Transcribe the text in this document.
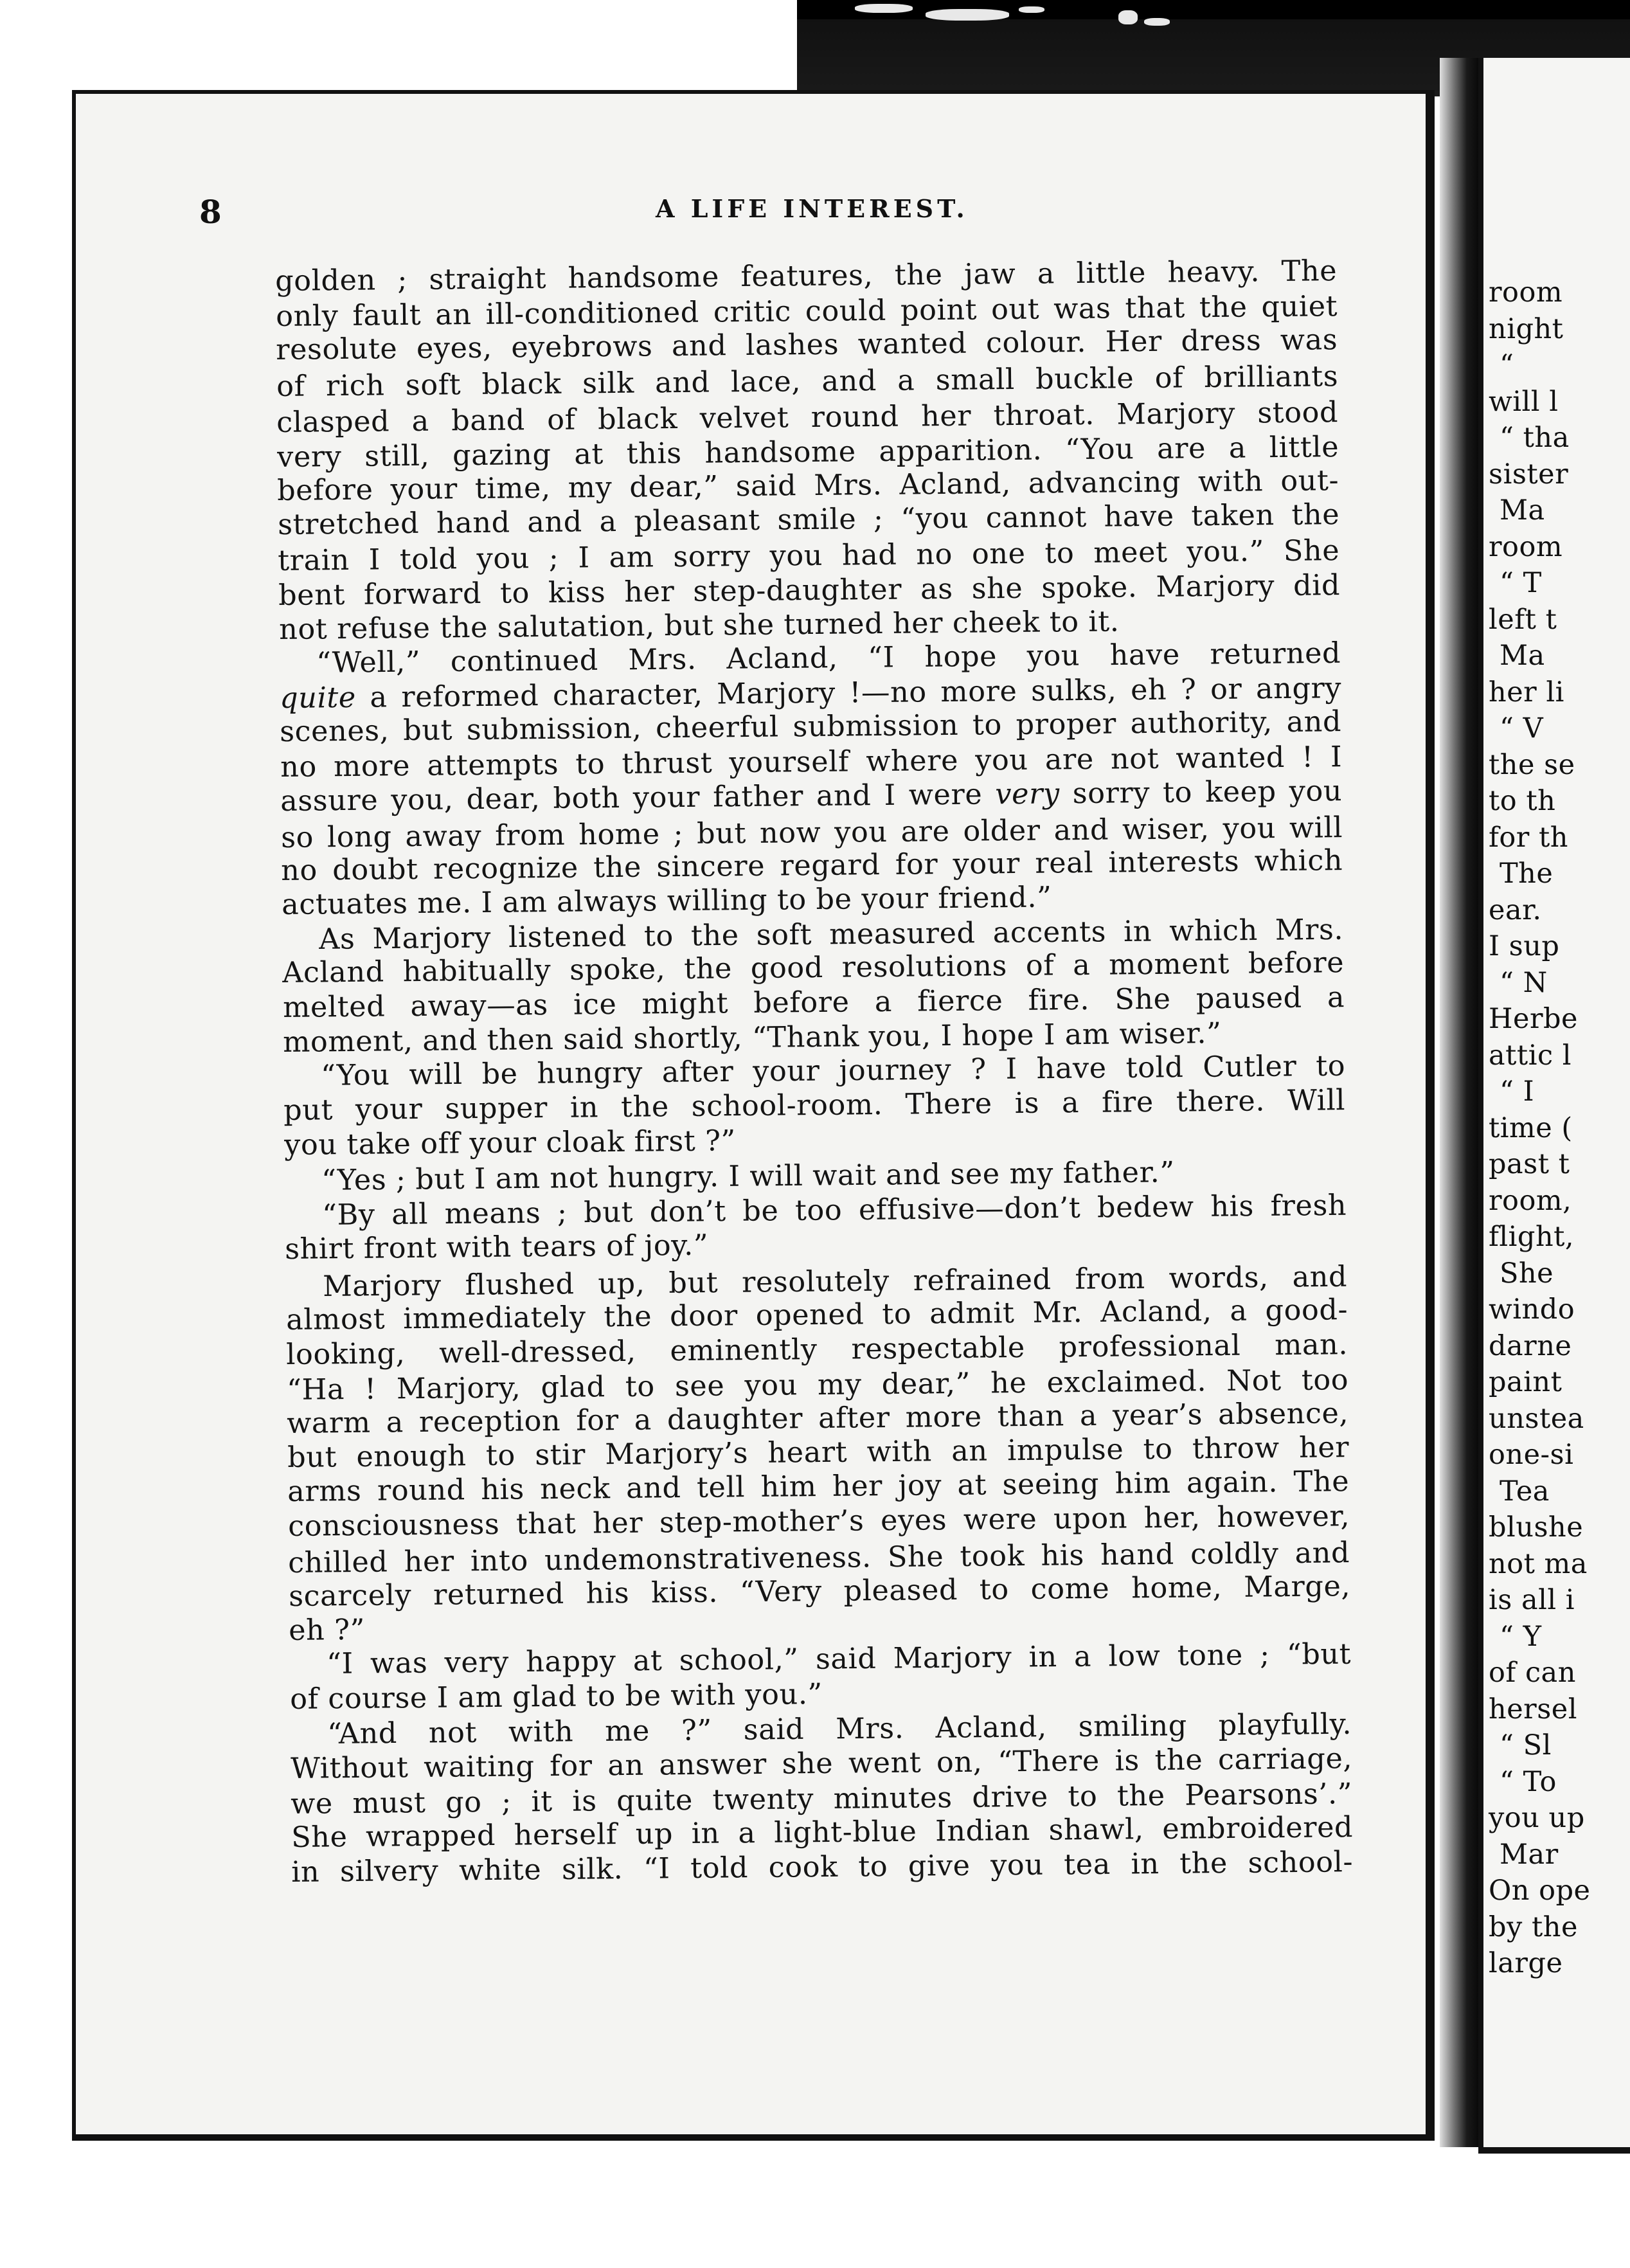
room
night
“
will l
“ tha
sister
Ma
room
“ T
left t
Ma
her li
“ V
the se
to th
for th
The
ear.
I sup
“ N
Herbe
attic l
“ I
time (
past t
room,
flight,
She
windo
darne
paint
unstea
one-si
Tea
blushe
not ma
is all i
“ Y
of can
hersel
“ Sl
“ To
you up
Mar
On ope
by the
large
8	A LIFE INTEREST.
golden ; straight handsome features, the jaw a little heavy. The
only fault an ill-conditioned critic could point out was that the quiet
resolute eyes, eyebrows and lashes wanted colour. Her dress was
of rich soft black silk and lace, and a small buckle of brilliants
clasped a band of black velvet round her throat. Marjory stood
very still, gazing at this handsome apparition. “You are a little
before your time, my dear,” said Mrs. Acland, advancing with out-
stretched hand and a pleasant smile ; “you cannot have taken the
train I told you ; I am sorry you had no one to meet you.” She
bent forward to kiss her step-daughter as she spoke. Marjory did
not refuse the salutation, but she turned her cheek to it.
“Well,” continued Mrs. Acland, “I hope you have returned
quite a reformed character, Marjory !—no more sulks, eh ? or angry
scenes, but submission, cheerful submission to proper authority, and
no more attempts to thrust yourself where you are not wanted ! I
assure you, dear, both your father and I were very sorry to keep you
so long away from home ; but now you are older and wiser, you will
no doubt recognize the sincere regard for your real interests which
actuates me. I am always willing to be your friend.”
As Marjory listened to the soft measured accents in which Mrs.
Acland habitually spoke, the good resolutions of a moment before
melted away—as ice might before a fierce fire. She paused a
moment, and then said shortly, “Thank you, I hope I am wiser.”
“You will be hungry after your journey ? I have told Cutler to
put your supper in the school-room. There is a fire there. Will
you take off your cloak first ?”
“Yes ; but I am not hungry. I will wait and see my father.”
“By all means ; but don’t be too effusive—don’t bedew his fresh
shirt front with tears of joy.”
Marjory flushed up, but resolutely refrained from words, and
almost immediately the door opened to admit Mr. Acland, a good-
looking, well-dressed, eminently respectable professional man.
“Ha ! Marjory, glad to see you my dear,” he exclaimed. Not too
warm a reception for a daughter after more than a year’s absence,
but enough to stir Marjory’s heart with an impulse to throw her
arms round his neck and tell him her joy at seeing him again. The
consciousness that her step-mother’s eyes were upon her, however,
chilled her into undemonstrativeness. She took his hand coldly and
scarcely returned his kiss. “Very pleased to come home, Marge,
eh ?”
“I was very happy at school,” said Marjory in a low tone ; “but
of course I am glad to be with you.”
“And not with me ?” said Mrs. Acland, smiling playfully.
Without waiting for an answer she went on, “There is the carriage,
we must go ; it is quite twenty minutes drive to the Pearsons’.”
She wrapped herself up in a light-blue Indian shawl, embroidered
in silvery white silk. “I told cook to give you tea in the school-
